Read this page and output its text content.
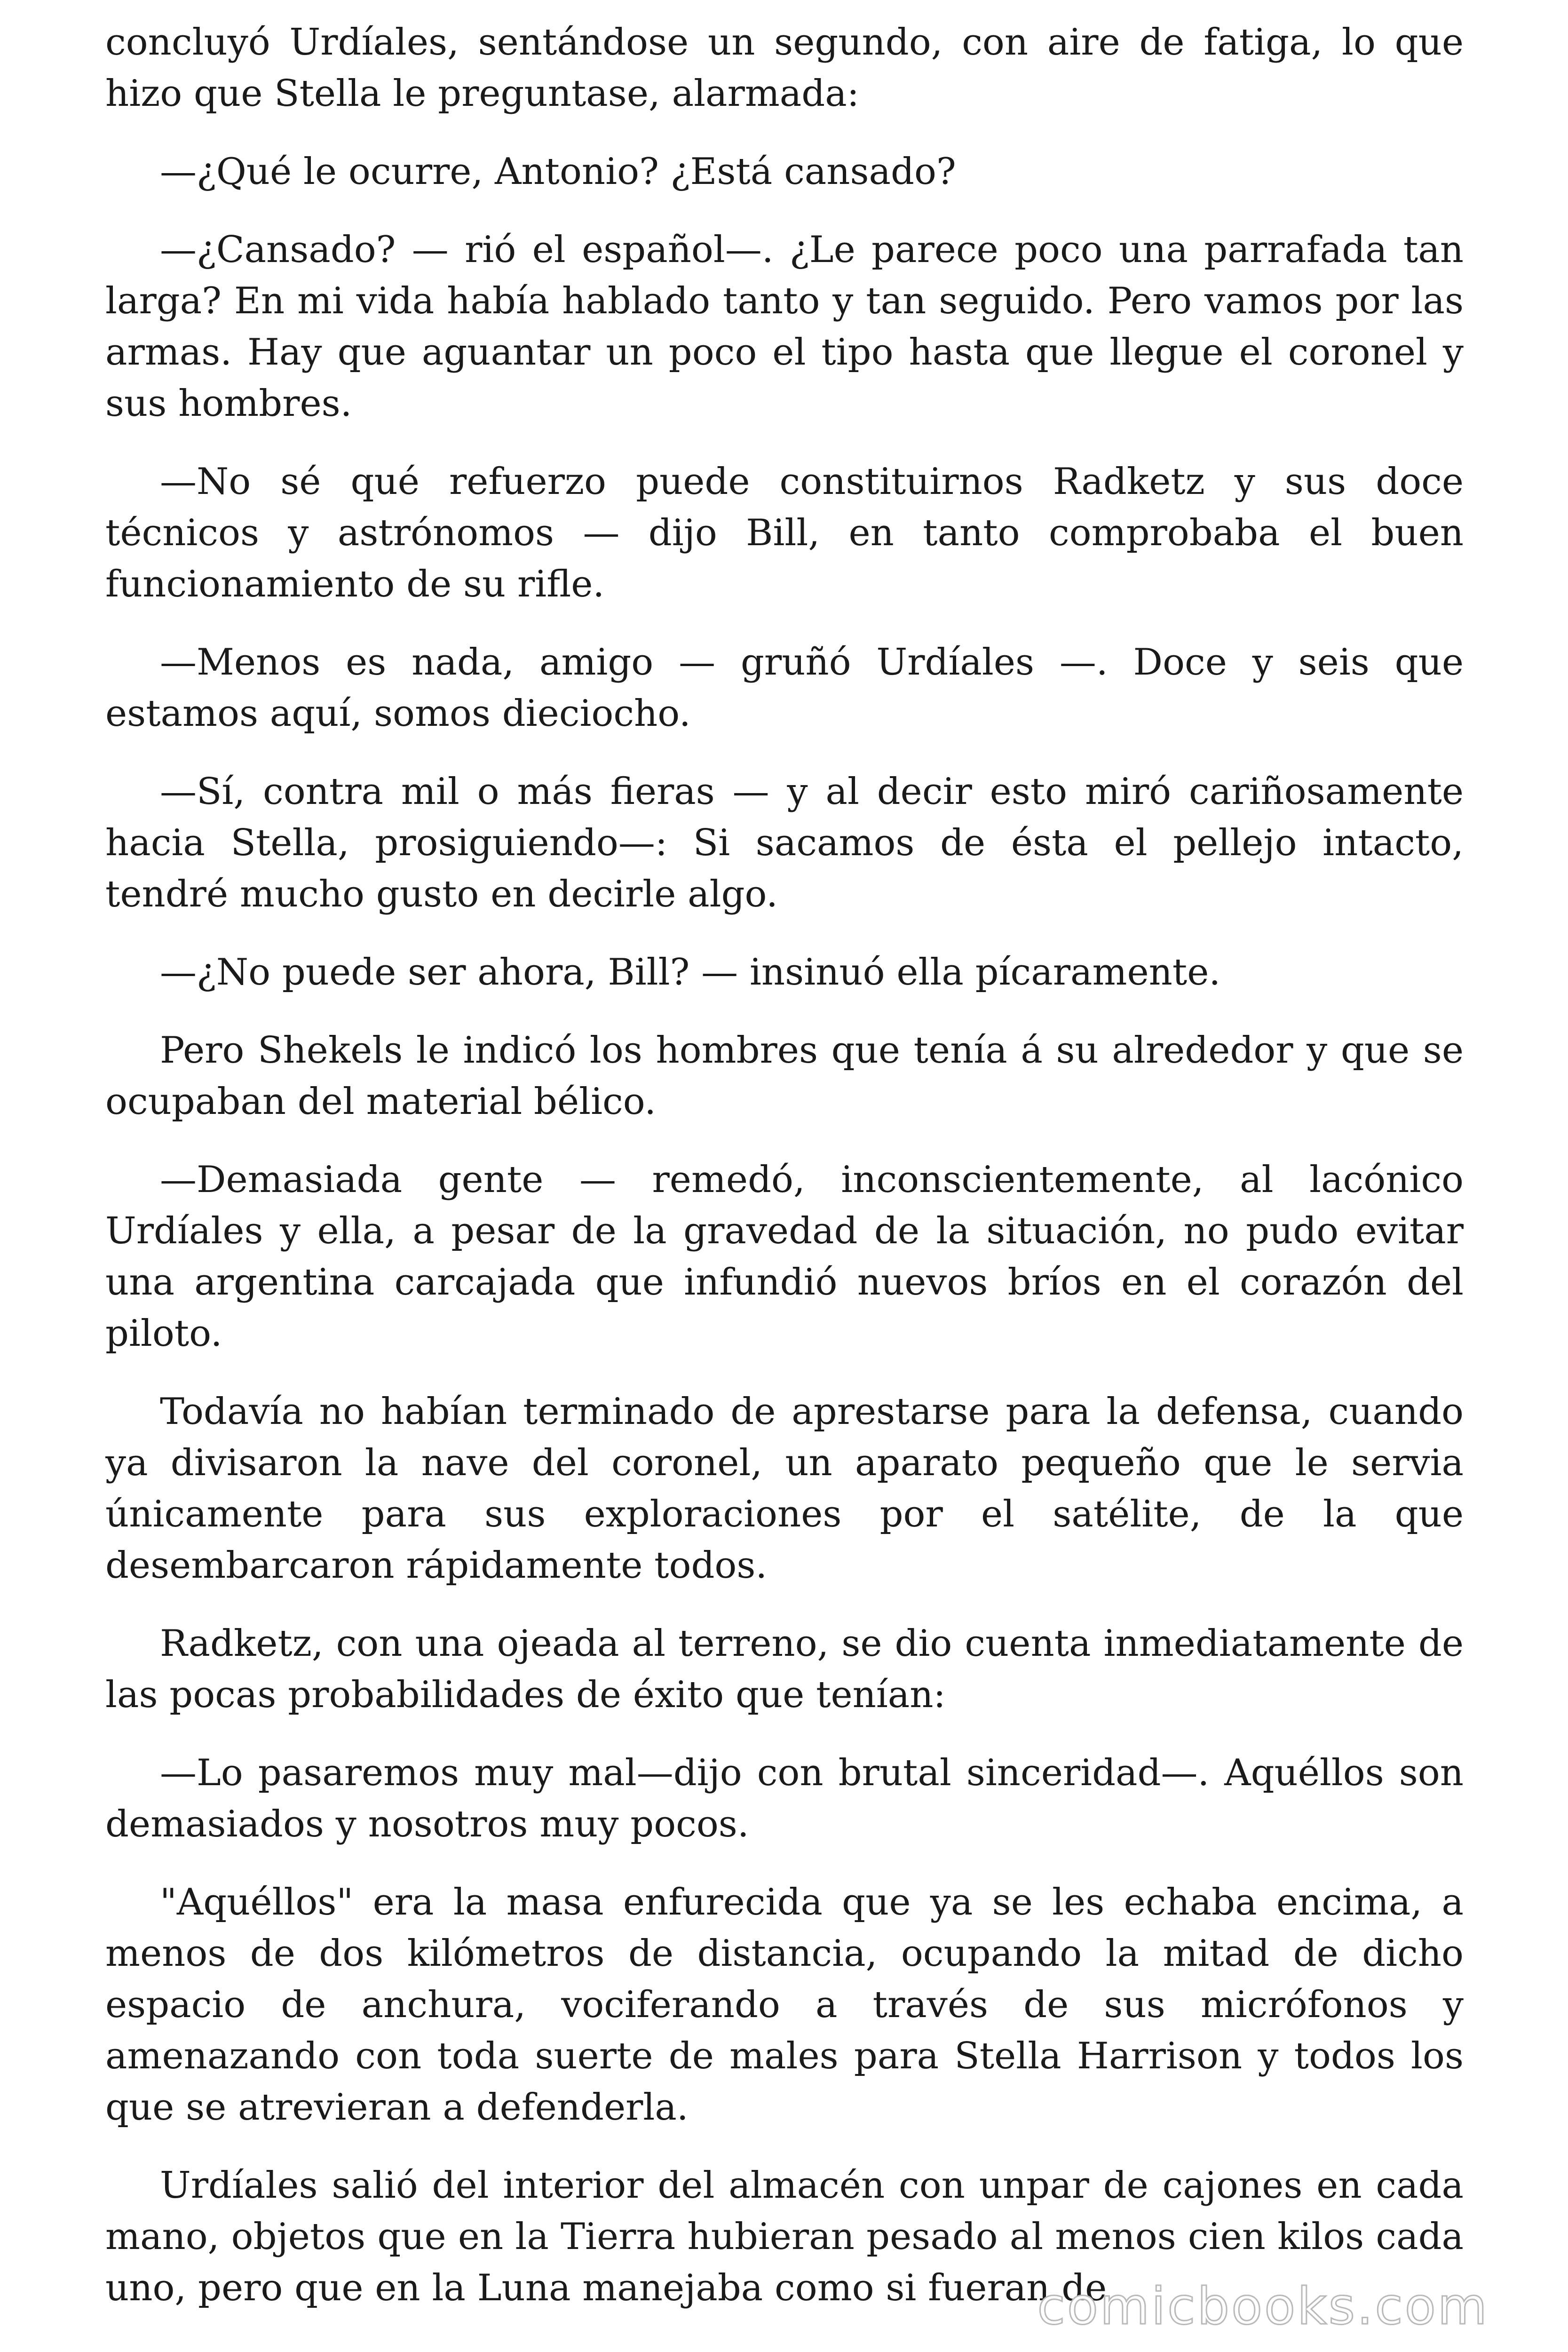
concluyó Urdíales, sentándose un segundo, con aire de fatiga, lo que hizo que Stella le preguntase, alarmada:

—¿Qué le ocurre, Antonio? ¿Está cansado?

—¿Cansado? — rió el español—. ¿Le parece poco una parrafada tan larga? En mi vida había hablado tanto y tan seguido. Pero vamos por las armas. Hay que aguantar un poco el tipo hasta que llegue el coronel y sus hombres.

—No sé qué refuerzo puede constituirnos Radketz y sus doce técnicos y astrónomos — dijo Bill, en tanto comprobaba el buen funcionamiento de su rifle.

—Menos es nada, amigo — gruñó Urdíales —. Doce y seis que estamos aquí, somos dieciocho.

—Sí, contra mil o más fieras — y al decir esto miró cariñosamente hacia Stella, prosiguiendo—: Si sacamos de ésta el pellejo intacto, tendré mucho gusto en decirle algo.

—¿No puede ser ahora, Bill? — insinuó ella pícaramente.

Pero Shekels le indicó los hombres que tenía á su alrededor y que se ocupaban del material bélico.

—Demasiada gente — remedó, inconscientemente, al lacónico Urdíales y ella, a pesar de la gravedad de la situación, no pudo evitar una argentina carcajada que infundió nuevos bríos en el corazón del piloto.

Todavía no habían terminado de aprestarse para la defensa, cuando ya divisaron la nave del coronel, un aparato pequeño que le servia únicamente para sus exploraciones por el satélite, de la que desembarcaron rápidamente todos.

Radketz, con una ojeada al terreno, se dio cuenta inmediatamente de las pocas probabilidades de éxito que tenían:

—Lo pasaremos muy mal—dijo con brutal sinceridad—. Aquéllos son demasiados y nosotros muy pocos.

"Aquéllos" era la masa enfurecida que ya se les echaba encima, a menos de dos kilómetros de distancia, ocupando la mitad de dicho espacio de anchura, vociferando a través de sus micrófonos y amenazando con toda suerte de males para Stella Harrison y todos los que se atrevieran a defenderla.

Urdíales salió del interior del almacén con unpar de cajones en cada mano, objetos que en la Tierra hubieran pesado al menos cien kilos cada uno, pero que en la Luna manejaba como si fueran de

comicbooks.com
